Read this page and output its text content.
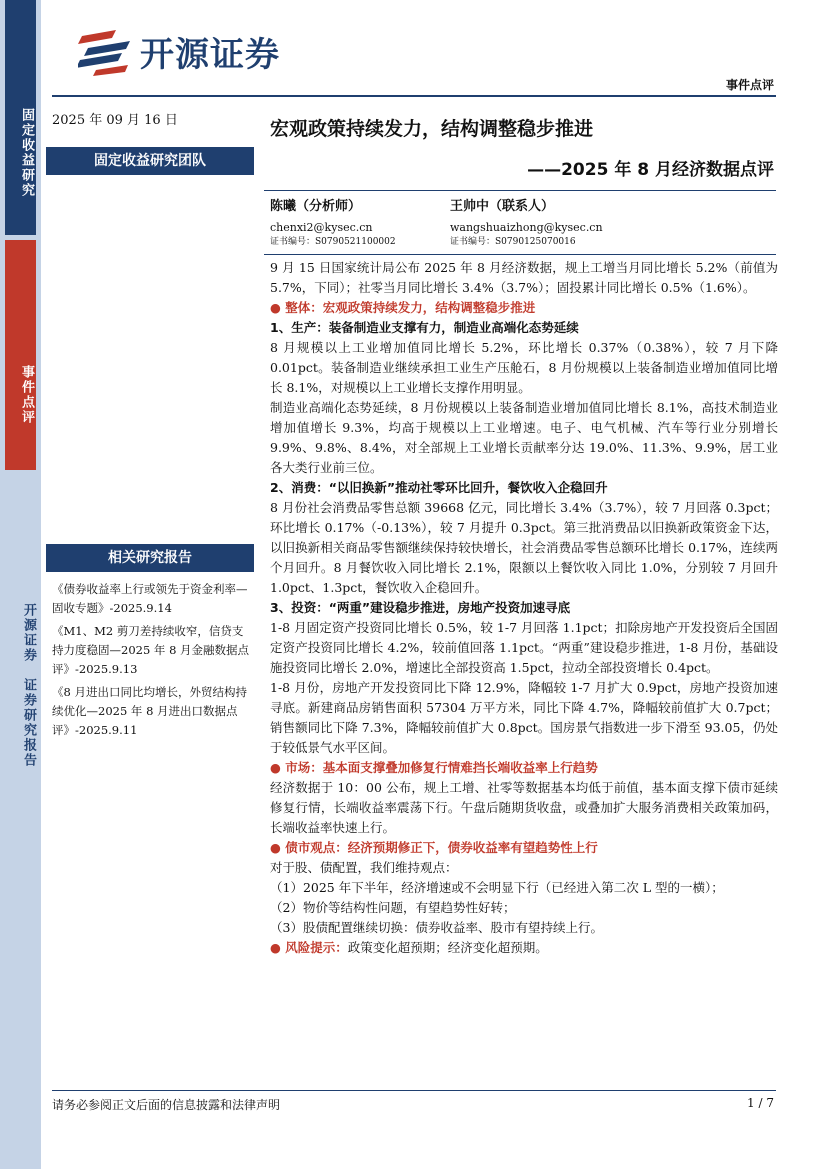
固定收益研究
事件点评
开源证券　证券研究报告
开源证券
事件点评
2025 年 09 月 16 日
固定收益研究团队
宏观政策持续发力，结构调整稳步推进
——2025 年 8 月经济数据点评
陈曦（分析师）
chenxi2@kysec.cn
证书编号：S0790521100002
王帅中（联系人）
wangshuaizhong@kysec.cn
证书编号：S0790125070016
相关研究报告

《债券收益率上行或领先于资金利率—固收专题》-2025.9.14

《M1、M2 剪刀差持续收窄，信贷支持力度稳固—2025 年 8 月金融数据点评》-2025.9.13

《8 月进出口同比均增长，外贸结构持续优化—2025 年 8 月进出口数据点评》-2025.9.11

9 月 15 日国家统计局公布 2025 年 8 月经济数据，规上工增当月同比增长 5.2%（前值为 5.7%，下同）；社零当月同比增长 3.4%（3.7%）；固投累计同比增长 0.5%（1.6%）。

● 整体：宏观政策持续发力，结构调整稳步推进

1、生产：装备制造业支撑有力，制造业高端化态势延续

8 月规模以上工业增加值同比增长 5.2%，环比增长 0.37%（0.38%），较 7 月下降 0.01pct。装备制造业继续承担工业生产压舱石，8 月份规模以上装备制造业增加值同比增长 8.1%，对规模以上工业增长支撑作用明显。

制造业高端化态势延续，8 月份规模以上装备制造业增加值同比增长 8.1%，高技术制造业增加值增长 9.3%，均高于规模以上工业增速。电子、电气机械、汽车等行业分别增长 9.9%、9.8%、8.4%，对全部规上工业增长贡献率分达 19.0%、11.3%、9.9%，居工业各大类行业前三位。

2、消费：“以旧换新”推动社零环比回升，餐饮收入企稳回升

8 月份社会消费品零售总额 39668 亿元，同比增长 3.4%（3.7%），较 7 月回落 0.3pct；环比增长 0.17%（-0.13%），较 7 月提升 0.3pct。第三批消费品以旧换新政策资金下达，以旧换新相关商品零售额继续保持较快增长，社会消费品零售总额环比增长 0.17%，连续两个月回升。8 月餐饮收入同比增长 2.1%，限额以上餐饮收入同比 1.0%，分别较 7 月回升 1.0pct、1.3pct，餐饮收入企稳回升。

3、投资：“两重”建设稳步推进，房地产投资加速寻底

1-8 月固定资产投资同比增长 0.5%，较 1-7 月回落 1.1pct；扣除房地产开发投资后全国固定资产投资同比增长 4.2%，较前值回落 1.1pct。“两重”建设稳步推进，1-8 月份，基础设施投资同比增长 2.0%，增速比全部投资高 1.5pct，拉动全部投资增长 0.4pct。

1-8 月份，房地产开发投资同比下降 12.9%，降幅较 1-7 月扩大 0.9pct，房地产投资加速寻底。新建商品房销售面积 57304 万平方米，同比下降 4.7%，降幅较前值扩大 0.7pct；销售额同比下降 7.3%，降幅较前值扩大 0.8pct。国房景气指数进一步下滑至 93.05，仍处于较低景气水平区间。

● 市场：基本面支撑叠加修复行情难挡长端收益率上行趋势

经济数据于 10：00 公布，规上工增、社零等数据基本均低于前值，基本面支撑下债市延续修复行情，长端收益率震荡下行。午盘后随期货收盘，或叠加扩大服务消费相关政策加码，长端收益率快速上行。

● 债市观点：经济预期修正下，债券收益率有望趋势性上行

对于股、债配置，我们维持观点：

（1）2025 年下半年，经济增速或不会明显下行（已经进入第二次 L 型的一横）；

（2）物价等结构性问题，有望趋势性好转；

（3）股债配置继续切换：债券收益率、股市有望持续上行。

● 风险提示：政策变化超预期；经济变化超预期。

请务必参阅正文后面的信息披露和法律声明	1 / 7
